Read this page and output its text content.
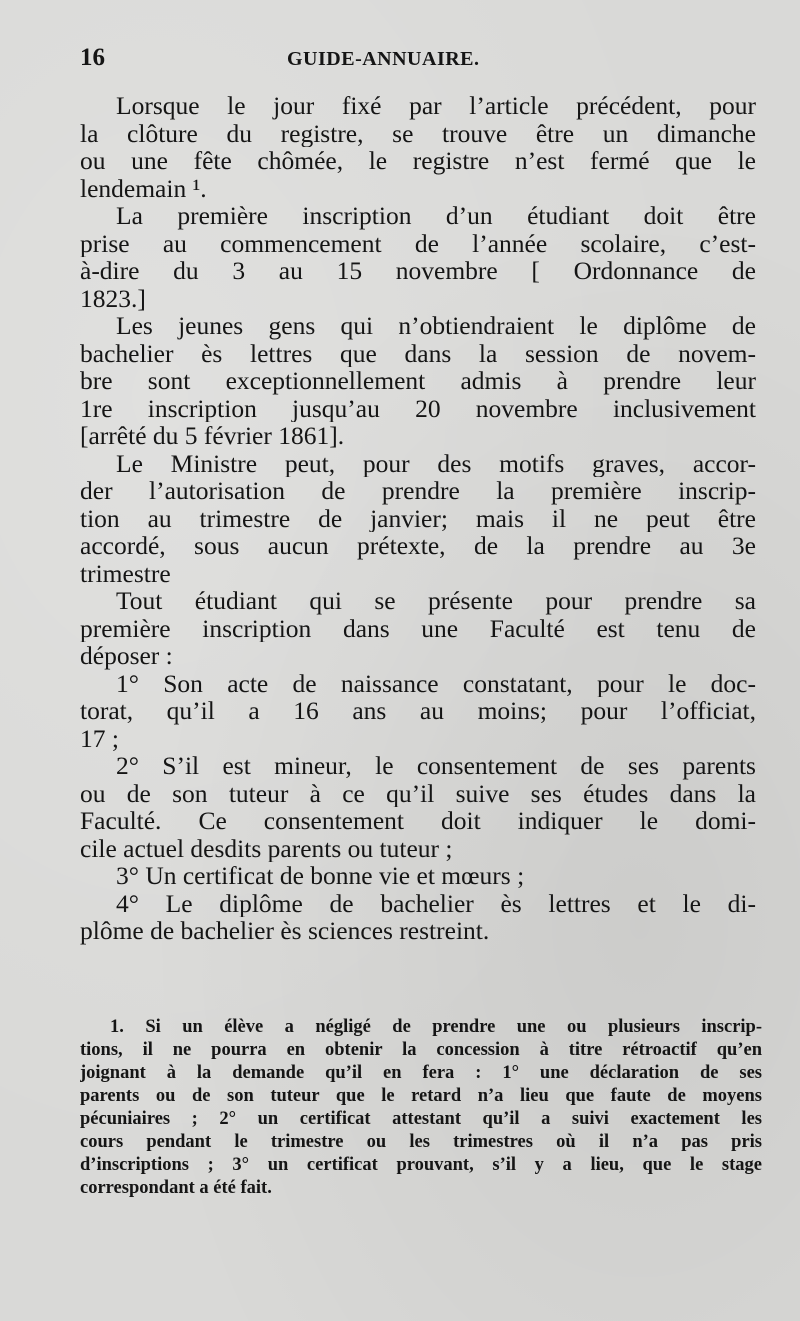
16	GUIDE-ANNUAIRE.
Lorsque le jour fixé par l’article précédent, pour
la clôture du registre, se trouve être un dimanche
ou une fête chômée, le registre n’est fermé que le
lendemain ¹.
La première inscription d’un étudiant doit être
prise au commencement de l’année scolaire, c’est-
à-dire du 3 au 15 novembre [ Ordonnance de
1823.]
Les jeunes gens qui n’obtiendraient le diplôme de
bachelier ès lettres que dans la session de novem-
bre sont exceptionnellement admis à prendre leur
1re inscription jusqu’au 20 novembre inclusivement
[arrêté du 5 février 1861].
Le Ministre peut, pour des motifs graves, accor-
der l’autorisation de prendre la première inscrip-
tion au trimestre de janvier; mais il ne peut être
accordé, sous aucun prétexte, de la prendre au 3e
trimestre
Tout étudiant qui se présente pour prendre sa
première inscription dans une Faculté est tenu de
déposer :
1° Son acte de naissance constatant, pour le doc-
torat, qu’il a 16 ans au moins; pour l’officiat,
17 ;
2° S’il est mineur, le consentement de ses parents
ou de son tuteur à ce qu’il suive ses études dans la
Faculté. Ce consentement doit indiquer le domi-
cile actuel desdits parents ou tuteur ;
3° Un certificat de bonne vie et mœurs ;
4° Le diplôme de bachelier ès lettres et le di-
plôme de bachelier ès sciences restreint.
1. Si un élève a négligé de prendre une ou plusieurs inscrip-
tions, il ne pourra en obtenir la concession à titre rétroactif qu’en
joignant à la demande qu’il en fera : 1° une déclaration de ses
parents ou de son tuteur que le retard n’a lieu que faute de moyens
pécuniaires ; 2° un certificat attestant qu’il a suivi exactement les
cours pendant le trimestre ou les trimestres où il n’a pas pris
d’inscriptions ; 3° un certificat prouvant, s’il y a lieu, que le stage
correspondant a été fait.
